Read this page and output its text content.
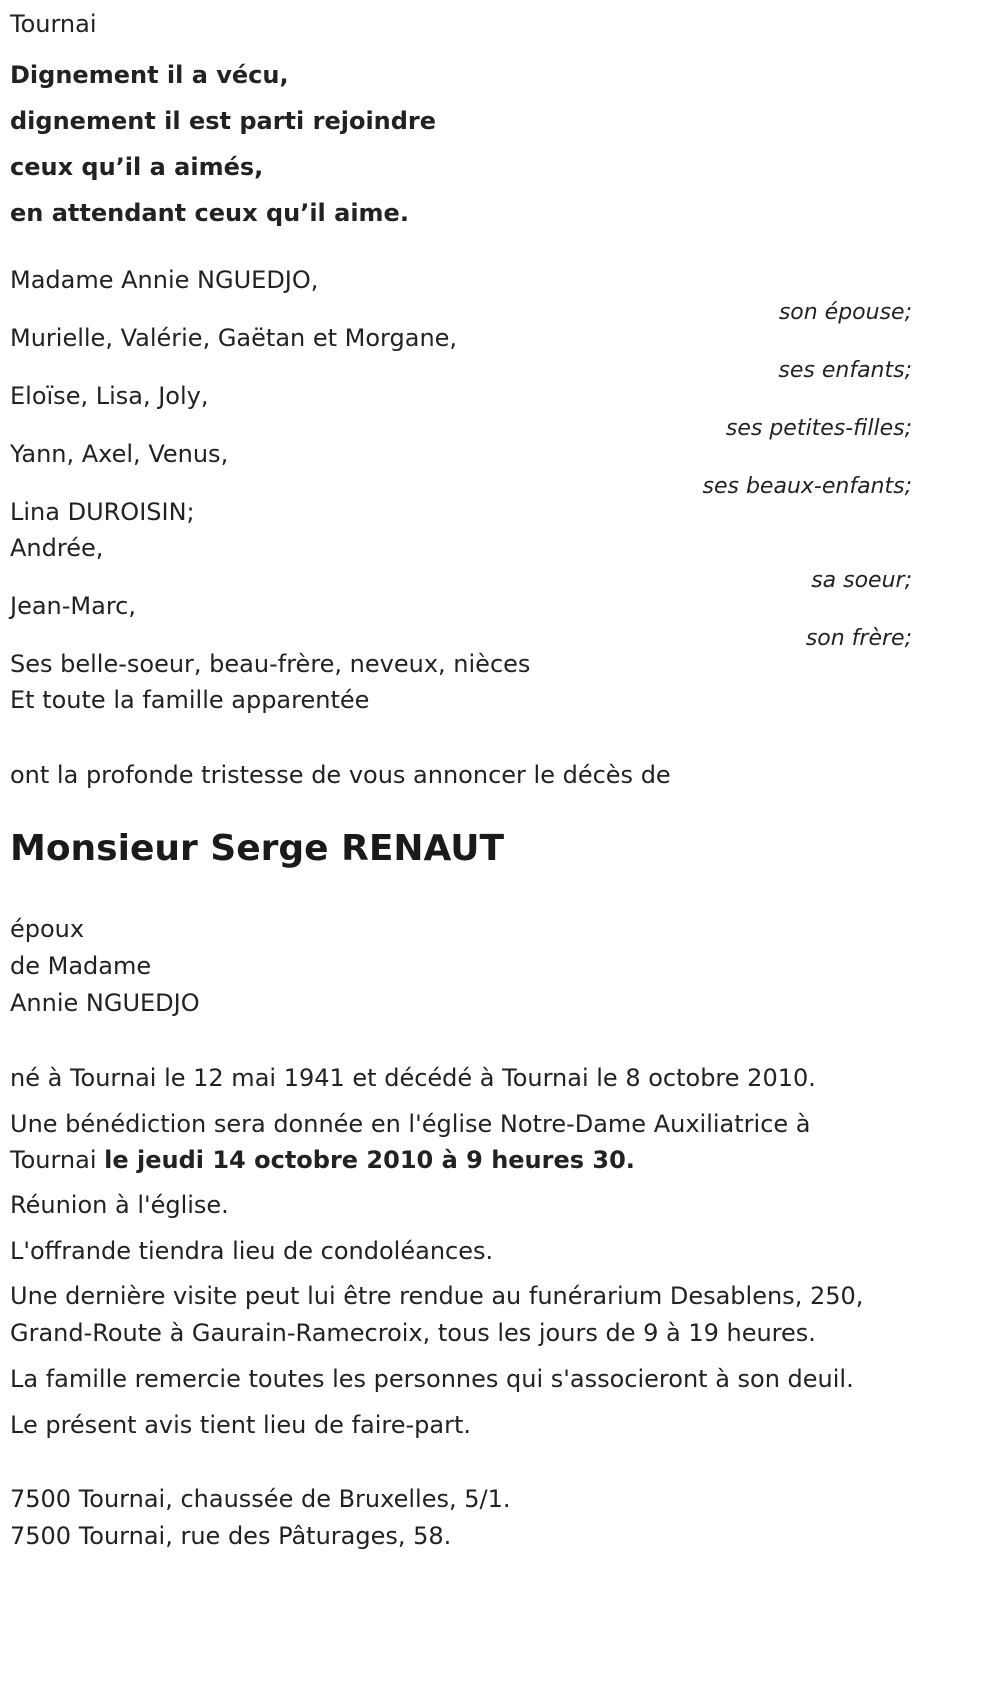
Tournai
Dignement il a vécu,
dignement il est parti rejoindre
ceux qu’il a aimés,
en attendant ceux qu’il aime.
Madame Annie NGUEDJO,
son épouse;
Murielle, Valérie, Gaëtan et Morgane,
ses enfants;
Eloïse, Lisa, Joly,
ses petites-filles;
Yann, Axel, Venus,
ses beaux-enfants;
Lina DUROISIN;
Andrée,
sa soeur;
Jean-Marc,
son frère;
Ses belle-soeur, beau-frère, neveux, nièces
Et toute la famille apparentée
ont la profonde tristesse de vous annoncer le décès de
Monsieur Serge RENAUT
époux
de Madame
Annie NGUEDJO
né à Tournai le 12 mai 1941 et décédé à Tournai le 8 octobre 2010.
Une bénédiction sera donnée en l'église Notre-Dame Auxiliatrice à
Tournai le jeudi 14 octobre 2010 à 9 heures 30.
Réunion à l'église.
L'offrande tiendra lieu de condoléances.
Une dernière visite peut lui être rendue au funérarium Desablens, 250,
Grand-Route à Gaurain-Ramecroix, tous les jours de 9 à 19 heures.
La famille remercie toutes les personnes qui s'associeront à son deuil.
Le présent avis tient lieu de faire-part.
7500 Tournai, chaussée de Bruxelles, 5/1.
7500 Tournai, rue des Pâturages, 58.
